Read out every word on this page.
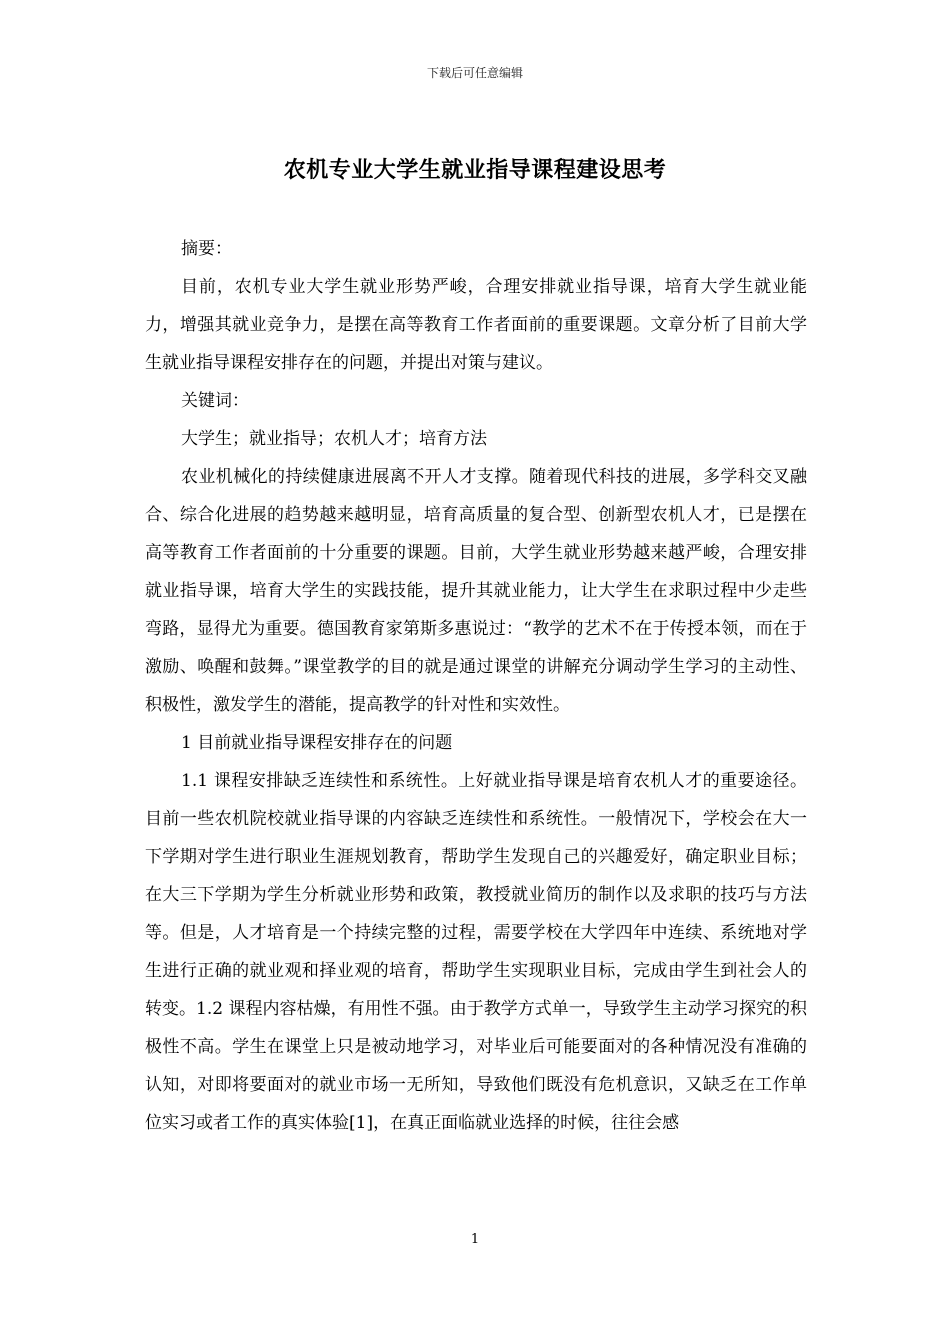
下载后可任意编辑
农机专业大学生就业指导课程建设思考

摘要：

目前，农机专业大学生就业形势严峻，合理安排就业指导课，培育大学生就业能力，增强其就业竞争力，是摆在高等教育工作者面前的重要课题。文章分析了目前大学生就业指导课程安排存在的问题，并提出对策与建议。

关键词：

大学生；就业指导；农机人才；培育方法

农业机械化的持续健康进展离不开人才支撑。随着现代科技的进展，多学科交叉融合、综合化进展的趋势越来越明显，培育高质量的复合型、创新型农机人才，已是摆在高等教育工作者面前的十分重要的课题。目前，大学生就业形势越来越严峻，合理安排就业指导课，培育大学生的实践技能，提升其就业能力，让大学生在求职过程中少走些弯路，显得尤为重要。德国教育家第斯多惠说过：“教学的艺术不在于传授本领，而在于激励、唤醒和鼓舞。”课堂教学的目的就是通过课堂的讲解充分调动学生学习的主动性、积极性，激发学生的潜能，提高教学的针对性和实效性。

1 目前就业指导课程安排存在的问题

1.1 课程安排缺乏连续性和系统性。上好就业指导课是培育农机人才的重要途径。目前一些农机院校就业指导课的内容缺乏连续性和系统性。一般情况下，学校会在大一下学期对学生进行职业生涯规划教育，帮助学生发现自己的兴趣爱好，确定职业目标；在大三下学期为学生分析就业形势和政策，教授就业简历的制作以及求职的技巧与方法等。但是，人才培育是一个持续完整的过程，需要学校在大学四年中连续、系统地对学生进行正确的就业观和择业观的培育，帮助学生实现职业目标，完成由学生到社会人的转变。1.2 课程内容枯燥，有用性不强。由于教学方式单一，导致学生主动学习探究的积极性不高。学生在课堂上只是被动地学习，对毕业后可能要面对的各种情况没有准确的认知，对即将要面对的就业市场一无所知，导致他们既没有危机意识，又缺乏在工作单位实习或者工作的真实体验[1]，在真正面临就业选择的时候，往往会感

1
